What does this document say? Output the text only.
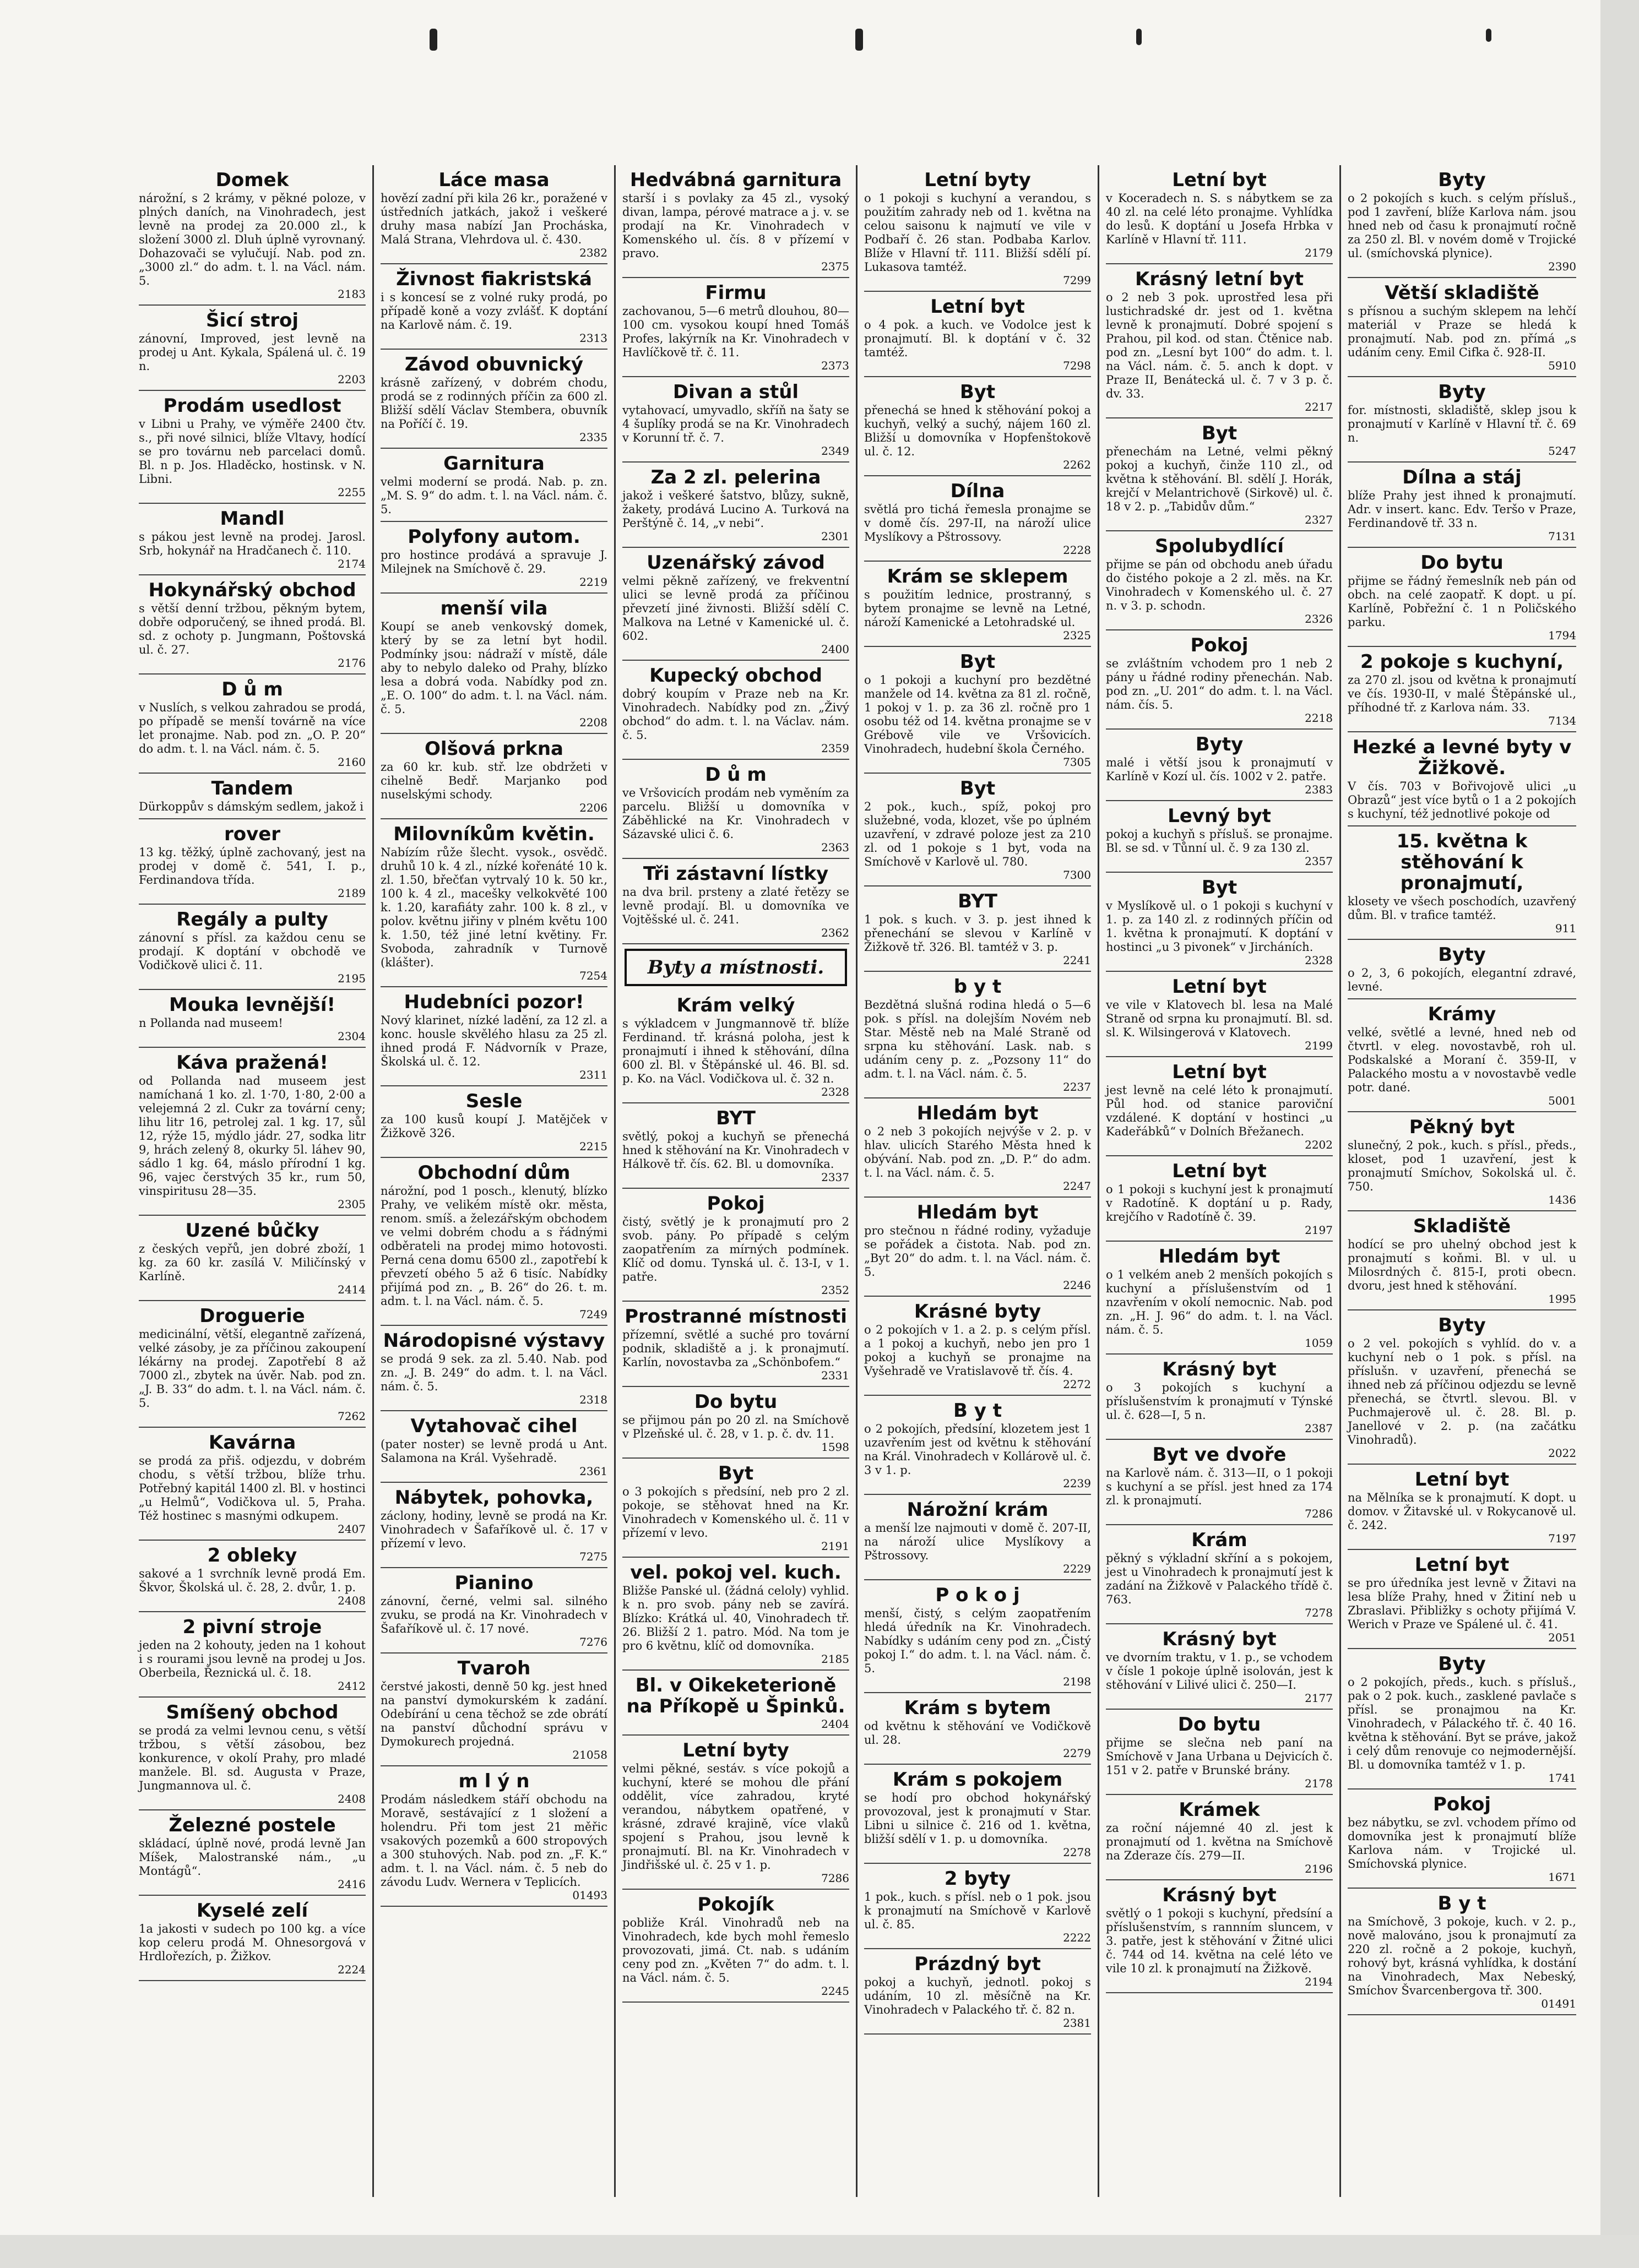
Domek

nárožní, s 2 krámy, v pěkné poloze, v plných daních, na Vinohradech, jest levně na prodej za 20.000 zl., k složení 3000 zl. Dluh úplně vyrovnaný. Dohazovači se vylučují. Nab. pod zn. „3000 zl.“ do adm. t. l. na Václ. nám. 5.

2183

Šicí stroj

zánovní, Improved, jest levně na prodej u Ant. Kykala, Spálená ul. č. 19 n.

2203

Prodám usedlost

v Libni u Prahy, ve výměře 2400 čtv. s., při nové silnici, blíže Vltavy, hodící se pro továrnu neb parcelaci domů. Bl. n p. Jos. Hladěcko, hostinsk. v N. Libni.

2255

Mandl

s pákou jest levně na prodej. Jarosl. Srb, hokynář na Hradčanech č. 110.

2174

Hokynářský obchod

s větší denní tržbou, pěkným bytem, dobře odporučený, se ihned prodá. Bl. sd. z ochoty p. Jungmann, Poštovská ul. č. 27.

2176

D ů m

v Nuslích, s velkou zahradou se prodá, po případě se menší továrně na více let pronajme. Nab. pod zn. „O. P. 20“ do adm. t. l. na Václ. nám. č. 5.

2160

Tandem

Dürkoppův s dámským sedlem, jakož i

rover

13 kg. těžký, úplně zachovaný, jest na prodej v domě č. 541, I. p., Ferdinandova třída.

2189

Regály a pulty

zánovní s přísl. za každou cenu se prodají. K doptání v obchodě ve Vodičkově ulici č. 11.

2195

Mouka levnější!

n Pollanda nad museem!

2304

Káva pražená!

od Pollanda nad museem jest namíchaná 1 ko. zl. 1·70, 1·80, 2·00 a velejemná 2 zl. Cukr za tovární ceny; lihu litr 16, petrolej zal. 1 kg. 17, sůl 12, rýže 15, mýdlo jádr. 27, sodka litr 9, hrách zelený 8, okurky 5l. láhev 90, sádlo 1 kg. 64, máslo přírodní 1 kg. 96, vajec čerstvých 35 kr., rum 50, vinspiritusu 28—35.

2305

Uzené bůčky

z českých vepřů, jen dobré zboží, 1 kg. za 60 kr. zasílá V. Miličínský v Karlíně.

2414

Droguerie

medicinální, větší, elegantně zařízená, velké zásoby, je za příčinou zakoupení lékárny na prodej. Zapotřebí 8 až 7000 zl., zbytek na úvěr. Nab. pod zn. „J. B. 33“ do adm. t. l. na Václ. nám. č. 5.

7262

Kavárna

se prodá za přiš. odjezdu, v dobrém chodu, s větší tržbou, blíže trhu. Potřebný kapitál 1400 zl. Bl. v hostinci „u Helmů“, Vodičkova ul. 5, Praha. Též hostinec s masnými odkupem.

2407

2 obleky

sakové a 1 svrchník levně prodá Em. Škvor, Školská ul. č. 28, 2. dvůr, 1. p.

2408

2 pivní stroje

jeden na 2 kohouty, jeden na 1 kohout i s rourami jsou levně na prodej u Jos. Oberbeila, Řeznická ul. č. 18.

2412

Smíšený obchod

se prodá za velmi levnou cenu, s větší tržbou, s větší zásobou, bez konkurence, v okolí Prahy, pro mladé manžele. Bl. sd. Augusta v Praze, Jungmannova ul. č.

2408

Železné postele

skládací, úplně nové, prodá levně Jan Míšek, Malostranské nám., „u Montágů“.

2416

Kyselé zelí

1a jakosti v sudech po 100 kg. a více kop celeru prodá M. Ohnesorgová v Hrdlořezích, p. Žižkov.

2224

Láce masa

hovězí zadní při kila 26 kr., poražené v ústředních jatkách, jakož i veškeré druhy masa nabízí Jan Procháska, Malá Strana, Vlehrdova ul. č. 430.

2382

Živnost fiakristská

i s koncesí se z volné ruky prodá, po případě koně a vozy zvlášť. K doptání na Karlově nám. č. 19.

2313

Závod obuvnický

krásně zařízený, v dobrém chodu, prodá se z rodinných příčin za 600 zl. Bližší sdělí Václav Stembera, obuvník na Poříčí č. 19.

2335

Garnitura

velmi moderní se prodá. Nab. p. zn. „M. S. 9“ do adm. t. l. na Václ. nám. č. 5.

Polyfony autom.

pro hostince prodává a spravuje J. Milejnek na Smíchově č. 29.

2219

menší vila

Koupí se aneb venkovský domek, který by se za letní byt hodil. Podmínky jsou: nádraží v místě, dále aby to nebylo daleko od Prahy, blízko lesa a dobrá voda. Nabídky pod zn. „E. O. 100“ do adm. t. l. na Václ. nám. č. 5.

2208

Olšová prkna

za 60 kr. kub. stř. lze obdržeti v cihelně Bedř. Marjanko pod nuselskými schody.

2206

Milovníkům květin.

Nabízím růže šlecht. vysok., osvědč. druhů 10 k. 4 zl., nízké kořenáté 10 k. zl. 1.50, břečťan vytrvalý 10 k. 50 kr., 100 k. 4 zl., macešky velkokvěté 100 k. 1.20, karafiáty zahr. 100 k. 8 zl., v polov. květnu jiřiny v plném květu 100 k. 1.50, též jiné letní květiny. Fr. Svoboda, zahradník v Turnově (klášter).

7254

Hudebníci pozor!

Nový klarinet, nízké ladění, za 12 zl. a konc. housle skvělého hlasu za 25 zl. ihned prodá F. Nádvorník v Praze, Školská ul. č. 12.

2311

Sesle

za 100 kusů koupí J. Matějček v Žižkově 326.

2215

Obchodní dům

nárožní, pod 1 posch., klenutý, blízko Prahy, ve velikém místě okr. města, renom. smíš. a železářským obchodem ve velmi dobrém chodu a s řádnými odběrateli na prodej mimo hotovosti. Perná cena domu 6500 zl., zapotřebí k převzetí obého 5 až 6 tisíc. Nabídky přijímá pod zn. „ B. 26“ do 26. t. m. adm. t. l. na Václ. nám. č. 5.

7249

Národopisné výstavy

se prodá 9 sek. za zl. 5.40. Nab. pod zn. „J. B. 249“ do adm. t. l. na Václ. nám. č. 5.

2318

Vytahovač cihel

(pater noster) se levně prodá u Ant. Salamona na Král. Vyšehradě.

2361

Nábytek, pohovka,

záclony, hodiny, levně se prodá na Kr. Vinohradech v Šafaříkově ul. č. 17 v přízemí v levo.

7275

Pianino

zánovní, černé, velmi sal. silného zvuku, se prodá na Kr. Vinohradech v Šafaříkově ul. č. 17 nové.

7276

Tvaroh

čerstvé jakosti, denně 50 kg. jest hned na panství dymokurském k zadání. Odebírání u cena těchož se zde obrátí na panství důchodní správu v Dymokurech projedná.

21058

m l ý n

Prodám následkem stáří obchodu na Moravě, sestávající z 1 složení a holendru. Při tom jest 21 měřic vsakových pozemků a 600 stropových a 300 stuhových. Nab. pod zn. „F. K.“ adm. t. l. na Václ. nám. č. 5 neb do závodu Ludv. Wernera v Teplicích.

01493

Hedvábná garnitura

starší i s povlaky za 45 zl., vysoký divan, lampa, pérové matrace a j. v. se prodají na Kr. Vinohradech v Komenského ul. čís. 8 v přízemí v pravo.

2375

Firmu

zachovanou, 5—6 metrů dlouhou, 80—100 cm. vysokou koupí hned Tomáš Profes, lakýrník na Kr. Vinohradech v Havlíčkově tř. č. 11.

2373

Divan a stůl

vytahovací, umyvadlo, skříň na šaty se 4 šuplíky prodá se na Kr. Vinohradech v Korunní tř. č. 7.

2349

Za 2 zl. pelerina

jakož i veškeré šatstvo, blůzy, sukně, žakety, prodává Lucino A. Turková na Perštýně č. 14, „v nebi“.

2301

Uzenářský závod

velmi pěkně zařízený, ve frekventní ulici se levně prodá za příčinou převzetí jiné živnosti. Bližší sdělí C. Malkova na Letné v Kamenické ul. č. 602.

2400

Kupecký obchod

dobrý koupím v Praze neb na Kr. Vinohradech. Nabídky pod zn. „Živý obchod“ do adm. t. l. na Václav. nám. č. 5.

2359

D ů m

ve Vršovicích prodám neb vyměním za parcelu. Bližší u domovníka v Záběhlické na Kr. Vinohradech v Sázavské ulici č. 6.

2363

Tři zástavní lístky

na dva bril. prsteny a zlaté řetězy se levně prodají. Bl. u domovníka ve Vojtěšské ul. č. 241.

2362

Byty a místnosti.
Krám velký

s výkladcem v Jungmannově tř. blíže Ferdinand. tř. krásná poloha, jest k pronajmutí i ihned k stěhování, dílna 600 zl. Bl. v Štěpánské ul. 46. Bl. sd. p. Ko. na Václ. Vodičkova ul. č. 32 n.

2328

BYT

světlý, pokoj a kuchyň se přenechá hned k stěhování na Kr. Vinohradech v Hálkově tř. čís. 62. Bl. u domovníka.

2337

Pokoj

čistý, světlý je k pronajmutí pro 2 svob. pány. Po případě s celým zaopatřením za mírných podmínek. Klíč od domu. Tynská ul. č. 13-I, v 1. patře.

2352

Prostranné místnosti

přízemní, světlé a suché pro tovární podnik, skladiště a j. k pronajmutí. Karlín, novostavba za „Schönbofem.“

2331

Do bytu

se přijmou pán po 20 zl. na Smíchově v Plzeňské ul. č. 28, v 1. p. č. dv. 11.

1598

Byt

o 3 pokojích s předsíní, neb pro 2 zl. pokoje, se stěhovat hned na Kr. Vinohradech v Komenského ul. č. 11 v přízemí v levo.

2191

vel. pokoj vel. kuch.

Bližše Panské ul. (žádná celoly) vyhlid. k n. pro svob. pány neb se zavírá. Blízko: Krátká ul. 40, Vinohradech tř. 26. Bližší 2 1. patro. Mód. Na tom je pro 6 květnu, klíč od domovníka.

2185

Bl. v Oikeketerioně na Příkopě u Špinků.

2404

Letní byty

velmi pěkné, sestáv. s více pokojů a kuchyní, které se mohou dle přání oddělit, více zahradou, kryté verandou, nábytkem opatřené, v krásné, zdravé krajině, více vlaků spojení s Prahou, jsou levně k pronajmutí. Bl. na Kr. Vinohradech v Jindřišské ul. č. 25 v 1. p.

7286

Pokojík

pobliže Král. Vinohradů neb na Vinohradech, kde bych mohl řemeslo provozovati, jimá. Ct. nab. s udáním ceny pod zn. „Květen 7“ do adm. t. l. na Václ. nám. č. 5.

2245

Letní byty

o 1 pokoji s kuchyní a verandou, s použitím zahrady neb od 1. května na celou saisonu k najmutí ve vile v Podbaří č. 26 stan. Podbaba Karlov. Blíže v Hlavní tř. 111. Bližší sdělí pí. Lukasova tamtéž.

7299

Letní byt

o 4 pok. a kuch. ve Vodolce jest k pronajmutí. Bl. k doptání v č. 32 tamtéž.

7298

Byt

přenechá se hned k stěhování pokoj a kuchyň, velký a suchý, nájem 160 zl. Bližší u domovníka v Hopfenštokově ul. č. 12.

2262

Dílna

světlá pro tichá řemesla pronajme se v domě čís. 297-II, na nároží ulice Myslíkovy a Pštrossovy.

2228

Krám se sklepem

s použitím lednice, prostranný, s bytem pronajme se levně na Letné, nároží Kamenické a Letohradské ul.

2325

Byt

o 1 pokoji a kuchyní pro bezdětné manžele od 14. května za 81 zl. ročně, 1 pokoj v 1. p. za 36 zl. ročně pro 1 osobu též od 14. května pronajme se v Grébově vile ve Vršovicích. Vinohradech, hudební škola Černého.

7305

Byt

2 pok., kuch., spíž, pokoj pro služebné, voda, klozet, vše po úplném uzavření, v zdravé poloze jest za 210 zl. od 1 pokoje s 1 byt, voda na Smíchově v Karlově ul. 780.

7300

BYT

1 pok. s kuch. v 3. p. jest ihned k přenechání se slevou v Karlíně v Žižkově tř. 326. Bl. tamtéž v 3. p.

2241

b y t

Bezdětná slušná rodina hledá o 5—6 pok. s přísl. na dolejším Novém neb Star. Městě neb na Malé Straně od srpna ku stěhování. Lask. nab. s udáním ceny p. z. „Pozsony 11“ do adm. t. l. na Václ. nám. č. 5.

2237

Hledám byt

o 2 neb 3 pokojích nejvýše v 2. p. v hlav. ulicích Starého Města hned k obývání. Nab. pod zn. „D. P.“ do adm. t. l. na Václ. nám. č. 5.

2247

Hledám byt

pro stečnou n řádné rodiny, vyžaduje se pořádek a čistota. Nab. pod zn. „Byt 20“ do adm. t. l. na Václ. nám. č. 5.

2246

Krásné byty

o 2 pokojích v 1. a 2. p. s celým přísl. a 1 pokoj a kuchyň, nebo jen pro 1 pokoj a kuchyň se pronajme na Vyšehradě ve Vratislavově tř. čís. 4.

2272

B y t

o 2 pokojích, předsíní, klozetem jest 1 uzavřením jest od květnu k stěhování na Král. Vinohradech v Kollárově ul. č. 3 v 1. p.

2239

Nárožní krám

a menší lze najmouti v domě č. 207-II, na nároží ulice Myslíkovy a Pštrossovy.

2229

P o k o j

menší, čistý, s celým zaopatřením hledá úředník na Kr. Vinohradech. Nabídky s udáním ceny pod zn. „Čistý pokoj I.“ do adm. t. l. na Václ. nám. č. 5.

2198

Krám s bytem

od květnu k stěhování ve Vodičkově ul. 28.

2279

Krám s pokojem

se hodí pro obchod hokynářský provozoval, jest k pronajmutí v Star. Libni u silnice č. 216 od 1. května, bližší sdělí v 1. p. u domovníka.

2278

2 byty

1 pok., kuch. s přísl. neb o 1 pok. jsou k pronajmutí na Smíchově v Karlově ul. č. 85.

2222

Prázdný byt

pokoj a kuchyň, jednotl. pokoj s udáním, 10 zl. měsíčně na Kr. Vinohradech v Palackého tř. č. 82 n.

2381

Letní byt

v Koceradech n. S. s nábytkem se za 40 zl. na celé léto pronajme. Vyhlídka do lesů. K doptání u Josefa Hrbka v Karlíně v Hlavní tř. 111.

2179

Krásný letní byt

o 2 neb 3 pok. uprostřed lesa při lustichradské dr. jest od 1. května levně k pronajmutí. Dobré spojení s Prahou, pil kod. od stan. Čtěnice nab. pod zn. „Lesní byt 100“ do adm. t. l. na Václ. nám. č. 5. anch k dopt. v Praze II, Benátecká ul. č. 7 v 3 p. č. dv. 33.

2217

Byt

přenechám na Letné, velmi pěkný pokoj a kuchyň, činže 110 zl., od května k stěhování. Bl. sdělí J. Horák, krejčí v Melantrichově (Sirkově) ul. č. 18 v 2. p. „Tabidův dům.“

2327

Spolubydlící

přijme se pán od obchodu aneb úřadu do čistého pokoje a 2 zl. měs. na Kr. Vinohradech v Komenského ul. č. 27 n. v 3. p. schodn.

2326

Pokoj

se zvláštním vchodem pro 1 neb 2 pány u řádné rodiny přenechán. Nab. pod zn. „U. 201“ do adm. t. l. na Václ. nám. čís. 5.

2218

Byty

malé i větší jsou k pronajmutí v Karlíně v Kozí ul. čís. 1002 v 2. patře.

2383

Levný byt

pokoj a kuchyň s přísluš. se pronajme. Bl. se sd. v Tůnní ul. č. 9 za 130 zl.

2357

Byt

v Myslíkově ul. o 1 pokoji s kuchyní v 1. p. za 140 zl. z rodinných příčin od 1. května k pronajmutí. K doptání v hostinci „u 3 pivonek“ v Jircháních.

2328

Letní byt

ve vile v Klatovech bl. lesa na Malé Straně od srpna ku pronajmutí. Bl. sd. sl. K. Wilsingerová v Klatovech.

2199

Letní byt

jest levně na celé léto k pronajmutí. Půl hod. od stanice paroviční vzdálené. K doptání v hostinci „u Kadeřábků“ v Dolních Břežanech.

2202

Letní byt

o 1 pokoji s kuchyní jest k pronajmutí v Radotíně. K doptání u p. Rady, krejčího v Radotíně č. 39.

2197

Hledám byt

o 1 velkém aneb 2 menších pokojích s kuchyní a příslušenstvím od 1 nzavřením v okolí nemocnic. Nab. pod zn. „H. J. 96“ do adm. t. l. na Václ. nám. č. 5.

1059

Krásný byt

o 3 pokojích s kuchyní a příslušenstvím k pronajmutí v Týnské ul. č. 628—I, 5 n.

2387

Byt ve dvoře

na Karlově nám. č. 313—II, o 1 pokoji s kuchyní a se přísl. jest hned za 174 zl. k pronajmutí.

7286

Krám

pěkný s výkladní skříní a s pokojem, jest u Vinohradech k pronajmutí jest k zadání na Žižkově v Palackého třídě č. 763.

7278

Krásný byt

ve dvorním traktu, v 1. p., se vchodem v čísle 1 pokoje úplně isolován, jest k stěhování v Lilivé ulici č. 250—I.

2177

Do bytu

přijme se slečna neb paní na Smíchově v Jana Urbana u Dejvicích č. 151 v 2. patře v Brunské brány.

2178

Krámek

za roční nájemné 40 zl. jest k pronajmutí od 1. května na Smíchově na Zderaze čís. 279—II.

2196

Krásný byt

světlý o 1 pokoji s kuchyní, předsíní a příslušenstvím, s rannním sluncem, v 3. patře, jest k stěhování v Žitné ulici č. 744 od 14. května na celé léto ve vile 10 zl. k pronajmutí na Žižkově.

2194

Byty

o 2 pokojích s kuch. s celým přísluš., pod 1 zavření, blíže Karlova nám. jsou hned neb od času k pronajmutí ročně za 250 zl. Bl. v novém domě v Trojické ul. (smíchovská plynice).

2390

Větší skladiště

s přísnou a suchým sklepem na lehčí materiál v Praze se hledá k pronajmutí. Nab. pod zn. přímá „s udáním ceny. Emil Cifka č. 928-II.

5910

Byty

for. místnosti, skladiště, sklep jsou k pronajmutí v Karlíně v Hlavní tř. č. 69 n.

5247

Dílna a stáj

blíže Prahy jest ihned k pronajmutí. Adr. v insert. kanc. Edv. Teršo v Praze, Ferdinandově tř. 33 n.

7131

Do bytu

přijme se řádný řemeslník neb pán od obch. na celé zaopatř. K dopt. u pí. Karlíně, Pobřežní č. 1 n Poličského parku.

1794

2 pokoje s kuchyní,

za 270 zl. jsou od května k pronajmutí ve čís. 1930-II, v malé Štěpánské ul., příhodné tř. z Karlova nám. 33.

7134

Hezké a levné byty v Žižkově.

V čís. 703 v Bořivojově ulici „u Obrazů“ jest více bytů o 1 a 2 pokojích s kuchyní, též jednotlivé pokoje od

15. května k stěhování k pronajmutí,

klosety ve všech poschodích, uzavřený dům. Bl. v trafice tamtéž.

911

Byty

o 2, 3, 6 pokojích, elegantní zdravé, levné.

Krámy

velké, světlé a levné, hned neb od čtvrtl. v eleg. novostavbě, roh ul. Podskalské a Moraní č. 359-II, v Palackého mostu a v novostavbě vedle potr. dané.

5001

Pěkný byt

slunečný, 2 pok., kuch. s přísl., předs., kloset, pod 1 uzavření, jest k pronajmutí Smíchov, Sokolská ul. č. 750.

1436

Skladiště

hodící se pro uhelný obchod jest k pronajmutí s koňmi. Bl. v ul. u Milosrdných č. 815-I, proti obecn. dvoru, jest hned k stěhování.

1995

Byty

o 2 vel. pokojích s vyhlíd. do v. a kuchyní neb o 1 pok. s přísl. na příslušn. v uzavření, přenechá se ihned neb zá příčinou odjezdu se levně přenechá, se čtvrtl. slevou. Bl. v Puchmajerově ul. č. 28. Bl. p. Janellové v 2. p. (na začátku Vinohradů).

2022

Letní byt

na Mělníka se k pronajmutí. K dopt. u domov. v Žitavské ul. v Rokycanově ul. č. 242.

7197

Letní byt

se pro úředníka jest levně v Žitavi na lesa blíže Prahy, hned v Žitiní neb u Zbraslavi. Přibližky s ochoty přijímá V. Werich v Praze ve Spálené ul. č. 41.

2051

Byty

o 2 pokojích, předs., kuch. s přísluš., pak o 2 pok. kuch., zasklené pavlače s přísl. se pronajmou na Kr. Vinohradech, v Pálackého tř. č. 40 16. května k stěhování. Byt se práve, jakož i celý dům renovuje co nejmodernější. Bl. u domovníka tamtéž v 1. p.

1741

Pokoj

bez nábytku, se zvl. vchodem přímo od domovníka jest k pronajmutí blíže Karlova nám. v Trojické ul. Smíchovská plynice.

1671

B y t

na Smíchově, 3 pokoje, kuch. v 2. p., nově malováno, jsou k pronajmutí za 220 zl. ročně a 2 pokoje, kuchyň, rohový byt, krásná vyhlídka, k dostání na Vinohradech, Max Nebeský, Smíchov Švarcenbergova tř. 300.

01491
